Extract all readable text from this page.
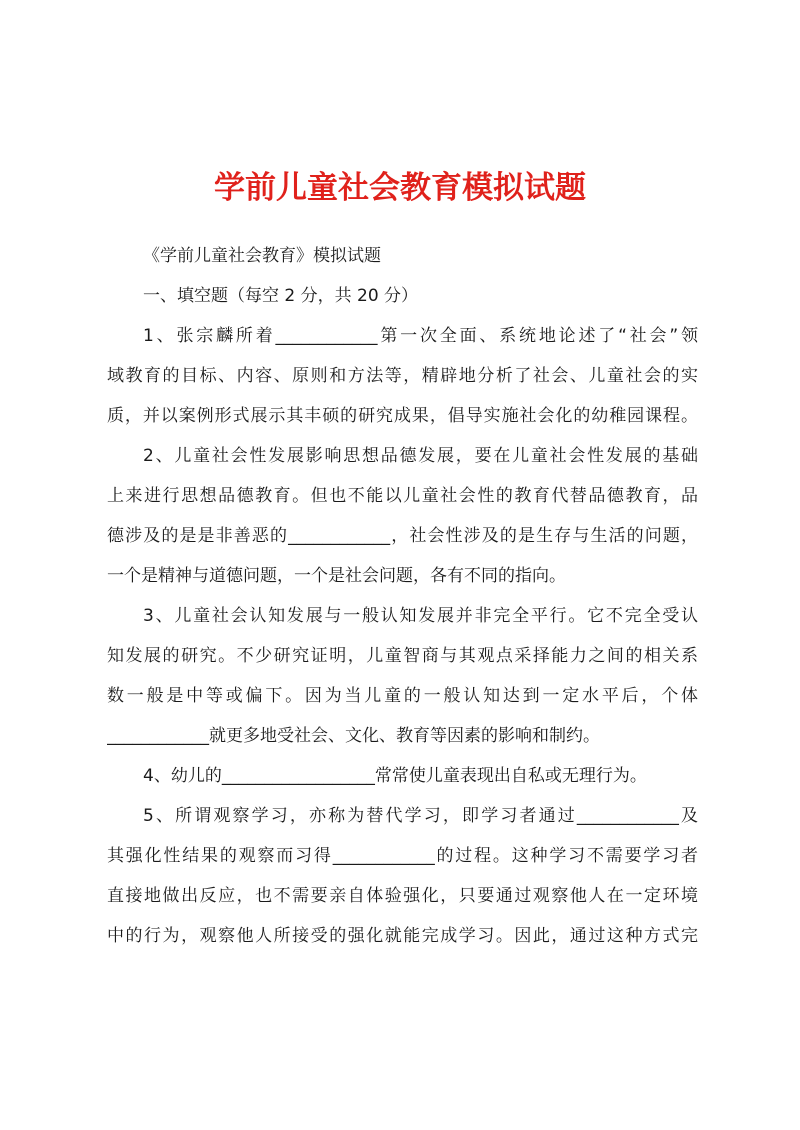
学前儿童社会教育模拟试题
《学前儿童社会教育》模拟试题
一、填空题（每空 2 分，共 20 分）
1、张宗麟所着____________第一次全面、系统地论述了“社会”领
域教育的目标、内容、原则和方法等，精辟地分析了社会、儿童社会的实
质，并以案例形式展示其丰硕的研究成果，倡导实施社会化的幼稚园课程。
2、儿童社会性发展影响思想品德发展，要在儿童社会性发展的基础
上来进行思想品德教育。但也不能以儿童社会性的教育代替品德教育，品
德涉及的是是非善恶的____________，社会性涉及的是生存与生活的问题，
一个是精神与道德问题，一个是社会问题，各有不同的指向。
3、儿童社会认知发展与一般认知发展并非完全平行。它不完全受认
知发展的研究。不少研究证明，儿童智商与其观点采择能力之间的相关系
数一般是中等或偏下。因为当儿童的一般认知达到一定水平后，个体
____________就更多地受社会、文化、教育等因素的影响和制约。
4、幼儿的__________________常常使儿童表现出自私或无理行为。
5、所谓观察学习，亦称为替代学习，即学习者通过____________及
其强化性结果的观察而习得____________的过程。这种学习不需要学习者
直接地做出反应，也不需要亲自体验强化，只要通过观察他人在一定环境
中的行为，观察他人所接受的强化就能完成学习。因此，通过这种方式完
